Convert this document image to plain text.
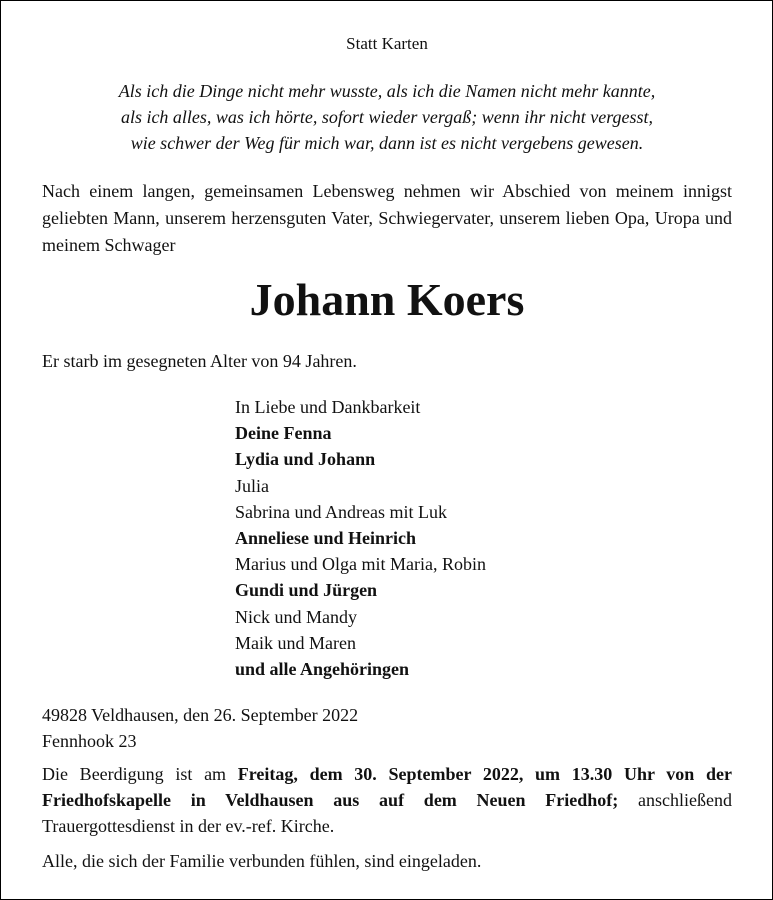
Statt Karten
Als ich die Dinge nicht mehr wusste, als ich die Namen nicht mehr kannte,
als ich alles, was ich hörte, sofort wieder vergaß; wenn ihr nicht vergesst,
wie schwer der Weg für mich war, dann ist es nicht vergebens gewesen.
Nach einem langen, gemeinsamen Lebensweg nehmen wir Abschied von meinem innigst geliebten Mann, unserem herzensguten Vater, Schwiegervater, unserem lieben Opa, Uropa und meinem Schwager
Johann Koers
Er starb im gesegneten Alter von 94 Jahren.
In Liebe und Dankbarkeit
Deine Fenna
Lydia und Johann
Julia
Sabrina und Andreas mit Luk
Anneliese und Heinrich
Marius und Olga mit Maria, Robin
Gundi und Jürgen
Nick und Mandy
Maik und Maren
und alle Angehöringen
49828 Veldhausen, den 26. September 2022
Fennhook 23
Die Beerdigung ist am Freitag, dem 30. September 2022, um 13.30 Uhr von der Friedhofskapelle in Veldhausen aus auf dem Neuen Friedhof; anschließend Trauergottesdienst in der ev.-ref. Kirche.
Alle, die sich der Familie verbunden fühlen, sind eingeladen.
